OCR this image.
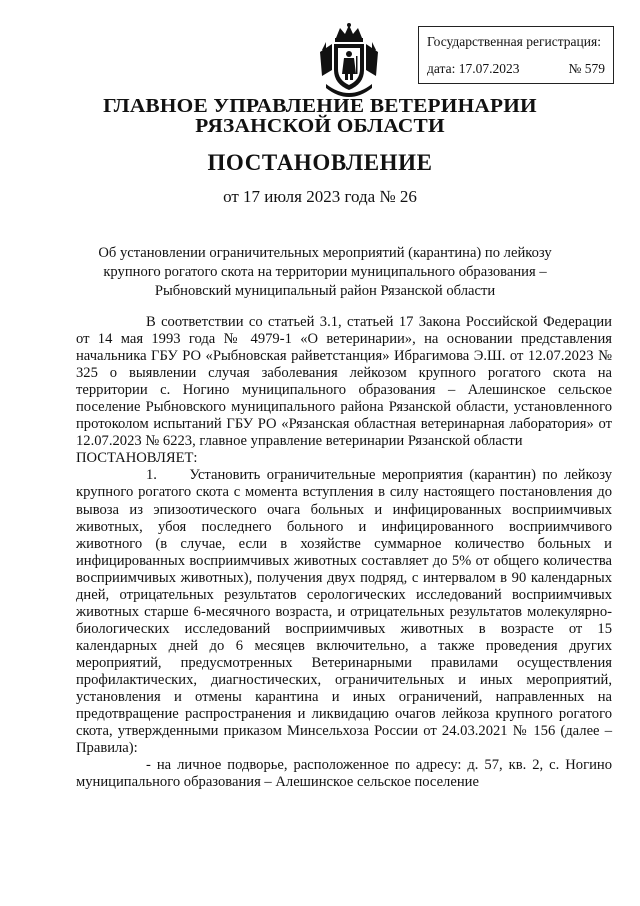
Государственная регистрация:
дата: 17.07.2023	№ 579
ГЛАВНОЕ УПРАВЛЕНИЕ ВЕТЕРИНАРИИ
РЯЗАНСКОЙ ОБЛАСТИ
ПОСТАНОВЛЕНИЕ
от 17 июля 2023 года № 26
Об установлении ограничительных мероприятий (карантина) по лейкозу крупного рогатого скота на территории муниципального образования – Рыбновский муниципальный район Рязанской области

В соответствии со статьей 3.1, статьей 17 Закона Российской Федерации от 14 мая 1993 года № 4979-1 «О ветеринарии», на основании представления начальника ГБУ РО «Рыбновская райветстанция» Ибрагимова Э.Ш. от 12.07.2023 № 325 о выявлении случая заболевания лейкозом крупного рогатого скота на территории с. Ногино муниципального образования – Алешинское сельское поселение Рыбновского муниципального района Рязанской области, установленного протоколом испытаний ГБУ РО «Рязанская областная ветеринарная лаборатория» от 12.07.2023 № 6223, главное управление ветеринарии Рязанской области

ПОСТАНОВЛЯЕТ:

1. Установить ограничительные мероприятия (карантин) по лейкозу крупного рогатого скота с момента вступления в силу настоящего постановления до вывоза из эпизоотического очага больных и инфицированных восприимчивых животных, убоя последнего больного и инфицированного восприимчивого животного (в случае, если в хозяйстве суммарное количество больных и инфицированных восприимчивых животных составляет до 5% от общего количества восприимчивых животных), получения двух подряд, с интервалом в 90 календарных дней, отрицательных результатов серологических исследований восприимчивых животных старше 6-месячного возраста, и отрицательных результатов молекулярно-биологических исследований восприимчивых животных в возрасте от 15 календарных дней до 6 месяцев включительно, а также проведения других мероприятий, предусмотренных Ветеринарными правилами осуществления профилактических, диагностических, ограничительных и иных мероприятий, установления и отмены карантина и иных ограничений, направленных на предотвращение распространения и ликвидацию очагов лейкоза крупного рогатого скота, утвержденными приказом Минсельхоза России от 24.03.2021 № 156 (далее – Правила):

- на личное подворье, расположенное по адресу: д. 57, кв. 2, с. Ногино муниципального образования – Алешинское сельское поселение
